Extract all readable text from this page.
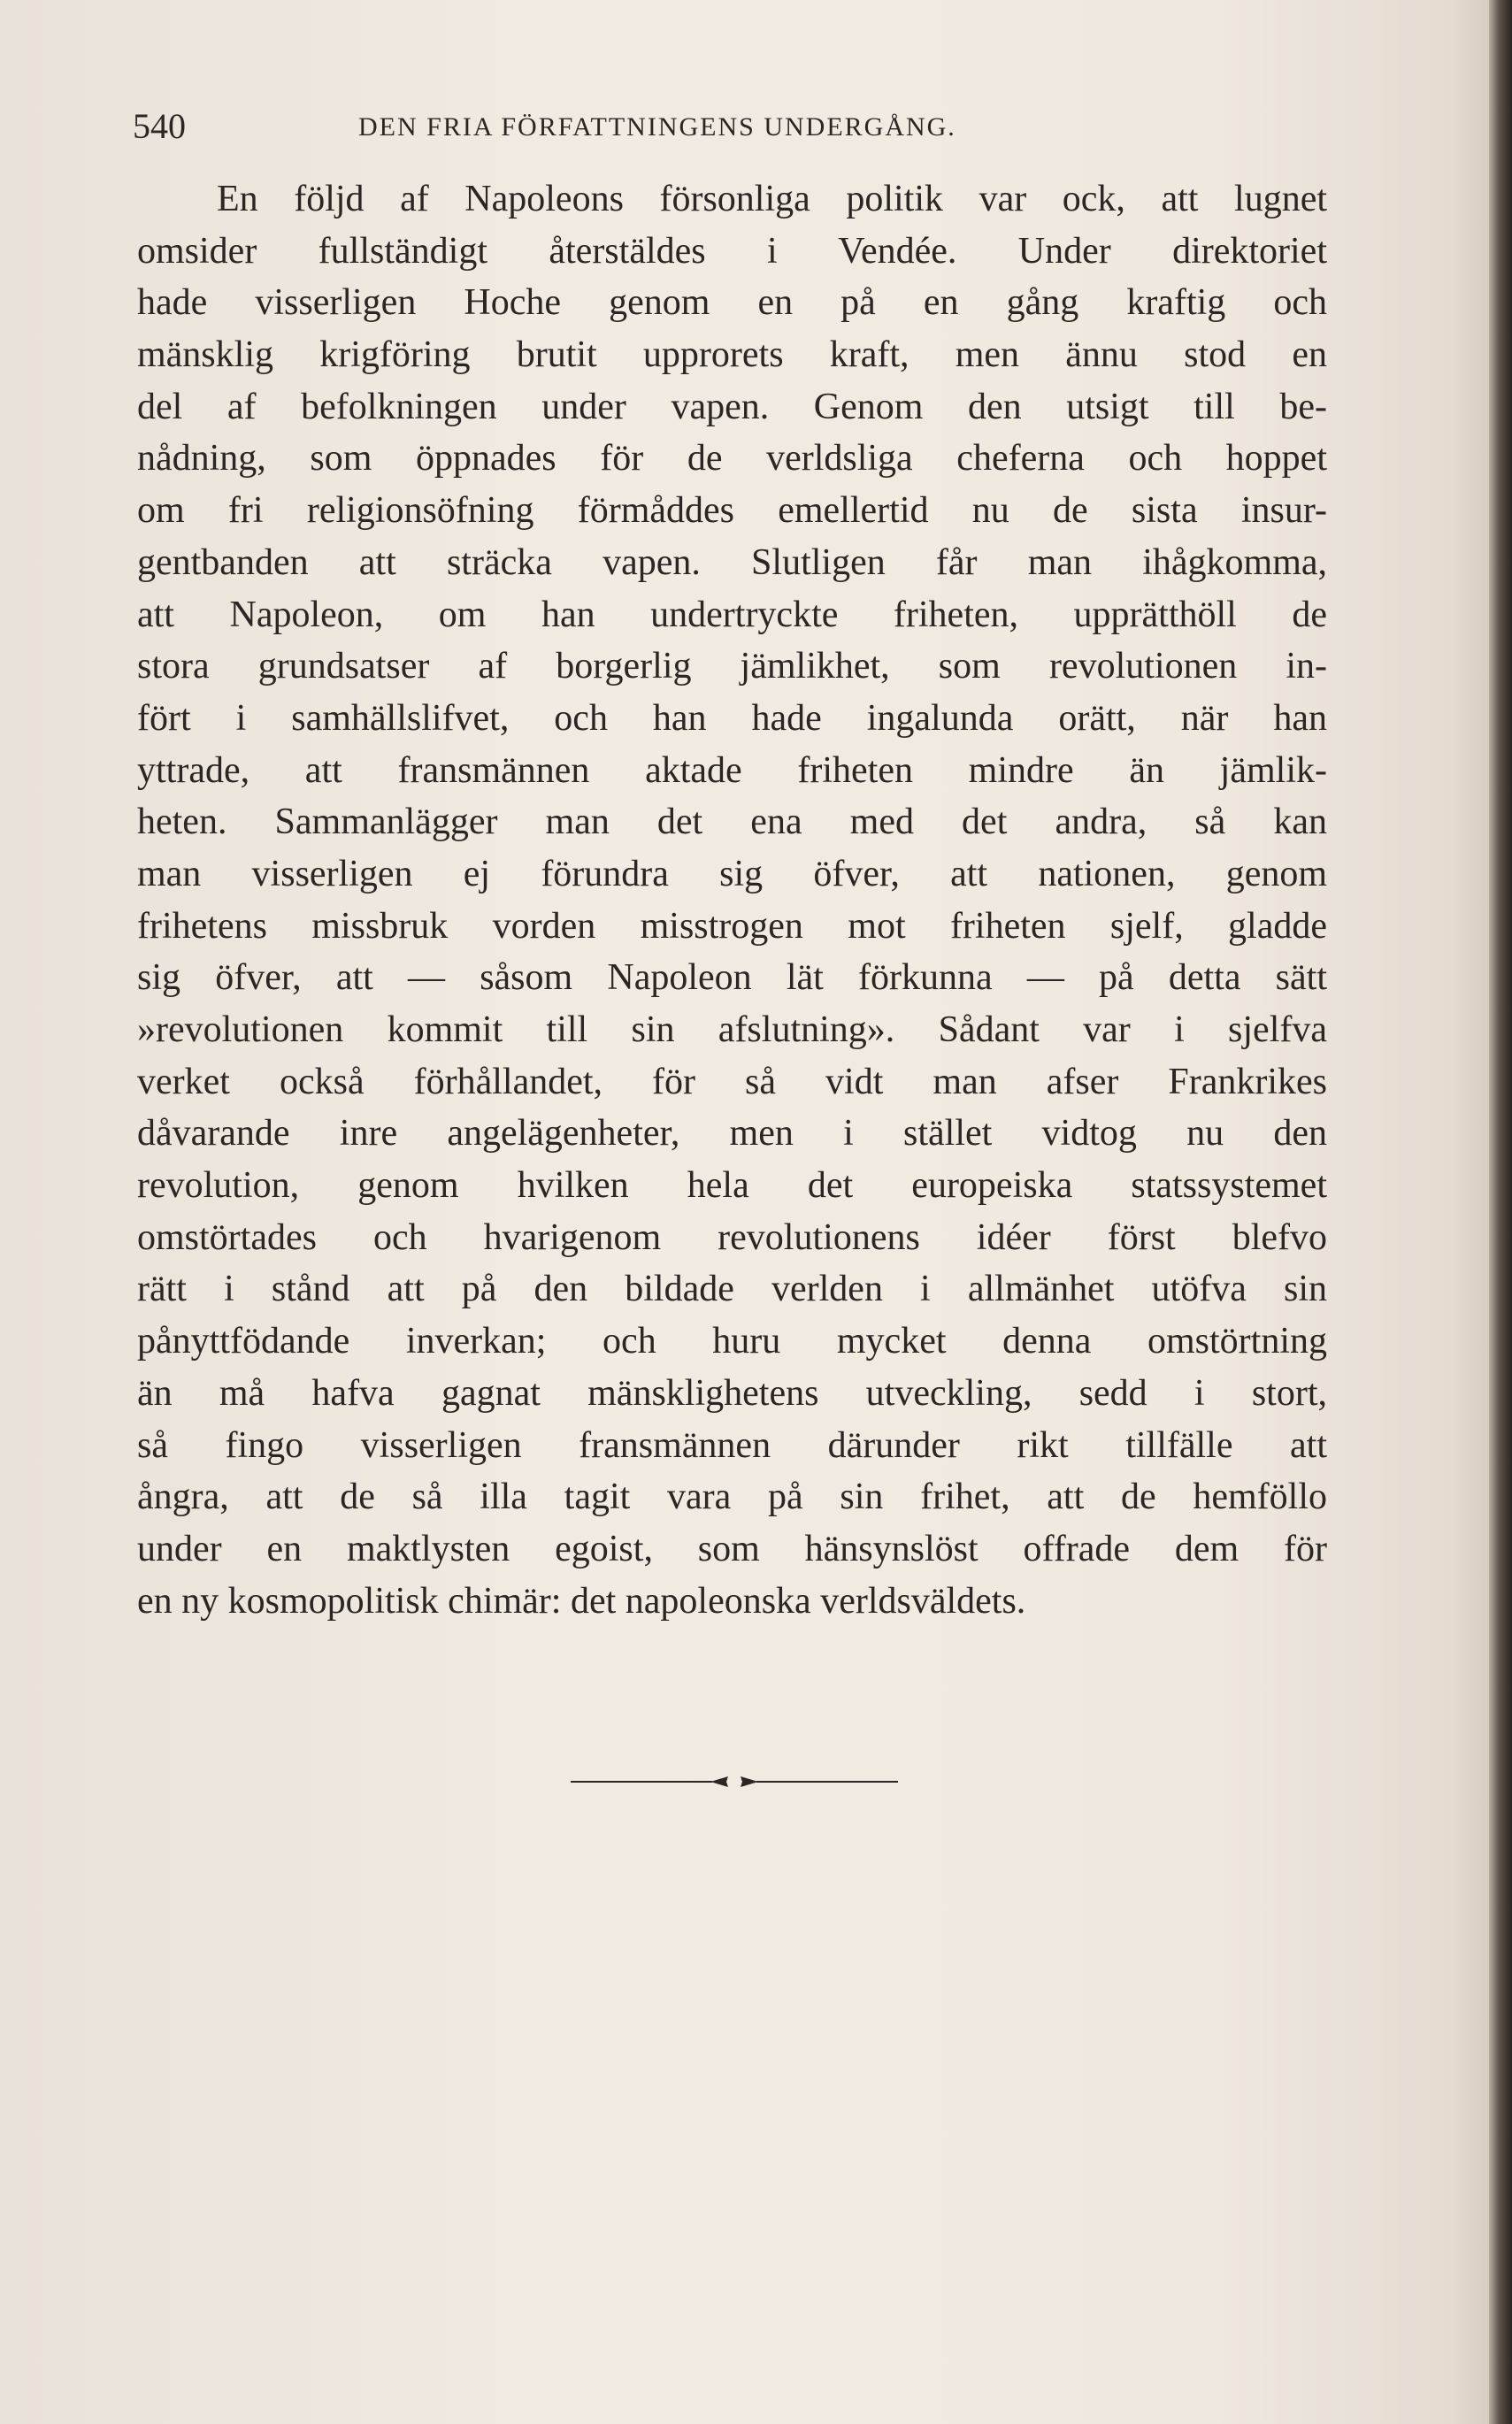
540	DEN FRIA FÖRFATTNINGENS UNDERGÅNG.
En följd af Napoleons försonliga politik var ock, att lugnet
omsider fullständigt återstäldes i Vendée. Under direktoriet
hade visserligen Hoche genom en på en gång kraftig och
mänsklig krigföring brutit upprorets kraft, men ännu stod en
del af befolkningen under vapen. Genom den utsigt till be-
nådning, som öppnades för de verldsliga cheferna och hoppet
om fri religionsöfning förmåddes emellertid nu de sista insur-
gentbanden att sträcka vapen. Slutligen får man ihågkomma,
att Napoleon, om han undertryckte friheten, upprätthöll de
stora grundsatser af borgerlig jämlikhet, som revolutionen in-
fört i samhällslifvet, och han hade ingalunda orätt, när han
yttrade, att fransmännen aktade friheten mindre än jämlik-
heten. Sammanlägger man det ena med det andra, så kan
man visserligen ej förundra sig öfver, att nationen, genom
frihetens missbruk vorden misstrogen mot friheten sjelf, gladde
sig öfver, att — såsom Napoleon lät förkunna — på detta sätt
»revolutionen kommit till sin afslutning». Sådant var i sjelfva
verket också förhållandet, för så vidt man afser Frankrikes
dåvarande inre angelägenheter, men i stället vidtog nu den
revolution, genom hvilken hela det europeiska statssystemet
omstörtades och hvarigenom revolutionens idéer först blefvo
rätt i stånd att på den bildade verlden i allmänhet utöfva sin
pånyttfödande inverkan; och huru mycket denna omstörtning
än må hafva gagnat mänsklighetens utveckling, sedd i stort,
så fingo visserligen fransmännen därunder rikt tillfälle att
ångra, att de så illa tagit vara på sin frihet, att de hemföllo
under en maktlysten egoist, som hänsynslöst offrade dem för
en ny kosmopolitisk chimär: det napoleonska verldsväldets.
